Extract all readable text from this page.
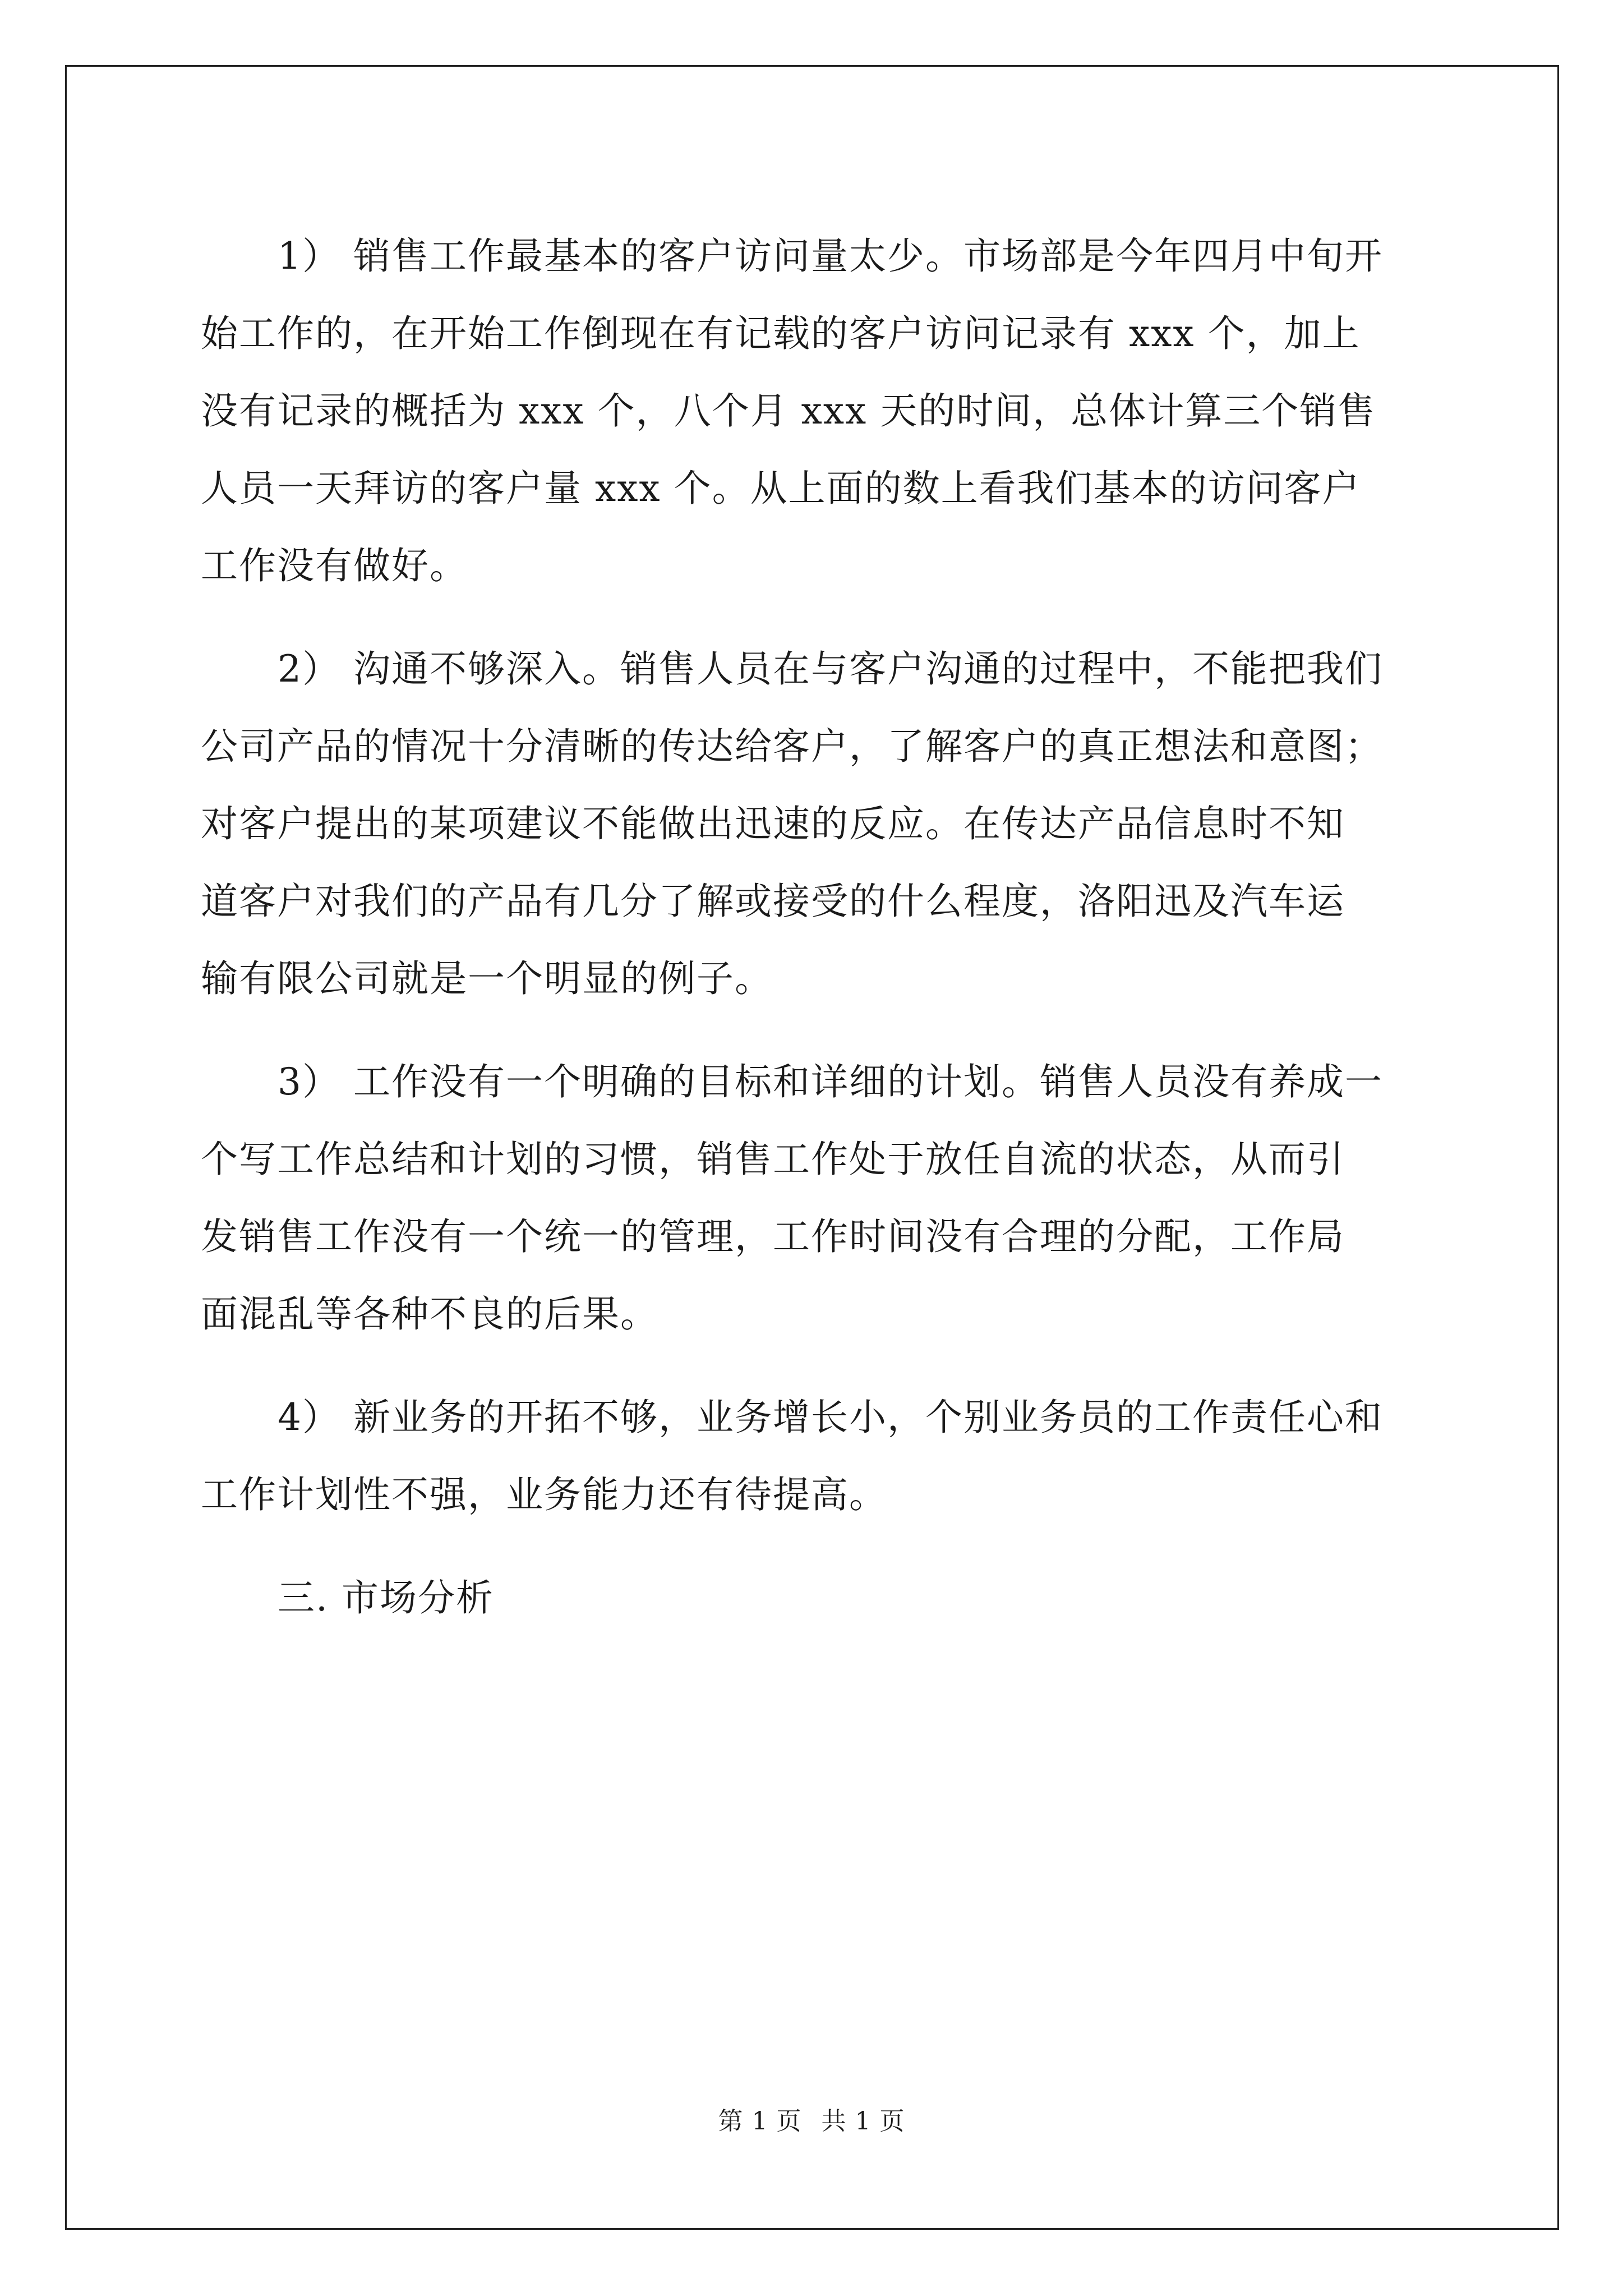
1） 销售工作最基本的客户访问量太少。市场部是今年四月中旬开
始工作的，在开始工作倒现在有记载的客户访问记录有 xxx 个，加上
没有记录的概括为 xxx 个，八个月 xxx 天的时间，总体计算三个销售
人员一天拜访的客户量 xxx 个。从上面的数上看我们基本的访问客户
工作没有做好。
2） 沟通不够深入。销售人员在与客户沟通的过程中，不能把我们
公司产品的情况十分清晰的传达给客户，了解客户的真正想法和意图；
对客户提出的某项建议不能做出迅速的反应。在传达产品信息时不知
道客户对我们的产品有几分了解或接受的什么程度，洛阳迅及汽车运
输有限公司就是一个明显的例子。
3） 工作没有一个明确的目标和详细的计划。销售人员没有养成一
个写工作总结和计划的习惯，销售工作处于放任自流的状态，从而引
发销售工作没有一个统一的管理，工作时间没有合理的分配，工作局
面混乱等各种不良的后果。
4） 新业务的开拓不够，业务增长小，个别业务员的工作责任心和
工作计划性不强，业务能力还有待提高。
三. 市场分析
第 1 页 共 1 页
